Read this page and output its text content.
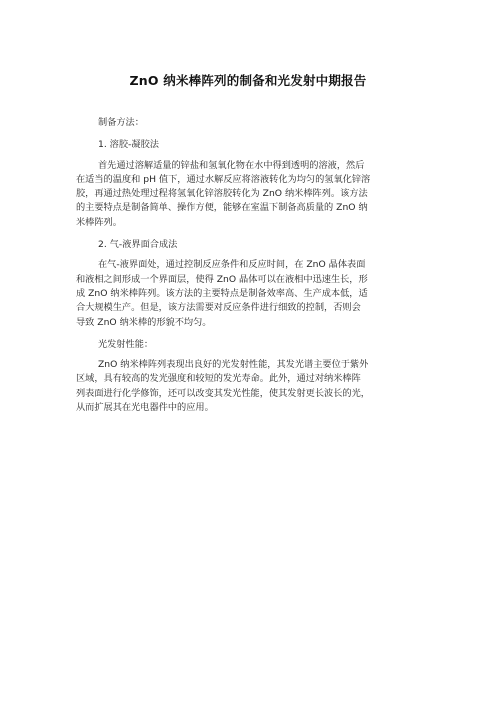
ZnO 纳米棒阵列的制备和光发射中期报告
制备方法：
1. 溶胶-凝胶法
首先通过溶解适量的锌盐和氢氧化物在水中得到透明的溶液，然后
在适当的温度和 pH 值下，通过水解反应将溶液转化为均匀的氢氧化锌溶
胶，再通过热处理过程将氢氧化锌溶胶转化为 ZnO 纳米棒阵列。该方法
的主要特点是制备简单、操作方便，能够在室温下制备高质量的 ZnO 纳
米棒阵列。
2. 气-液界面合成法
在气-液界面处，通过控制反应条件和反应时间，在 ZnO 晶体表面
和液相之间形成一个界面层，使得 ZnO 晶体可以在液相中迅速生长，形
成 ZnO 纳米棒阵列。该方法的主要特点是制备效率高、生产成本低，适
合大规模生产。但是，该方法需要对反应条件进行细致的控制，否则会
导致 ZnO 纳米棒的形貌不均匀。
光发射性能：
ZnO 纳米棒阵列表现出良好的光发射性能，其发光谱主要位于紫外
区域，具有较高的发光强度和较短的发光寿命。此外，通过对纳米棒阵
列表面进行化学修饰，还可以改变其发光性能，使其发射更长波长的光，
从而扩展其在光电器件中的应用。
